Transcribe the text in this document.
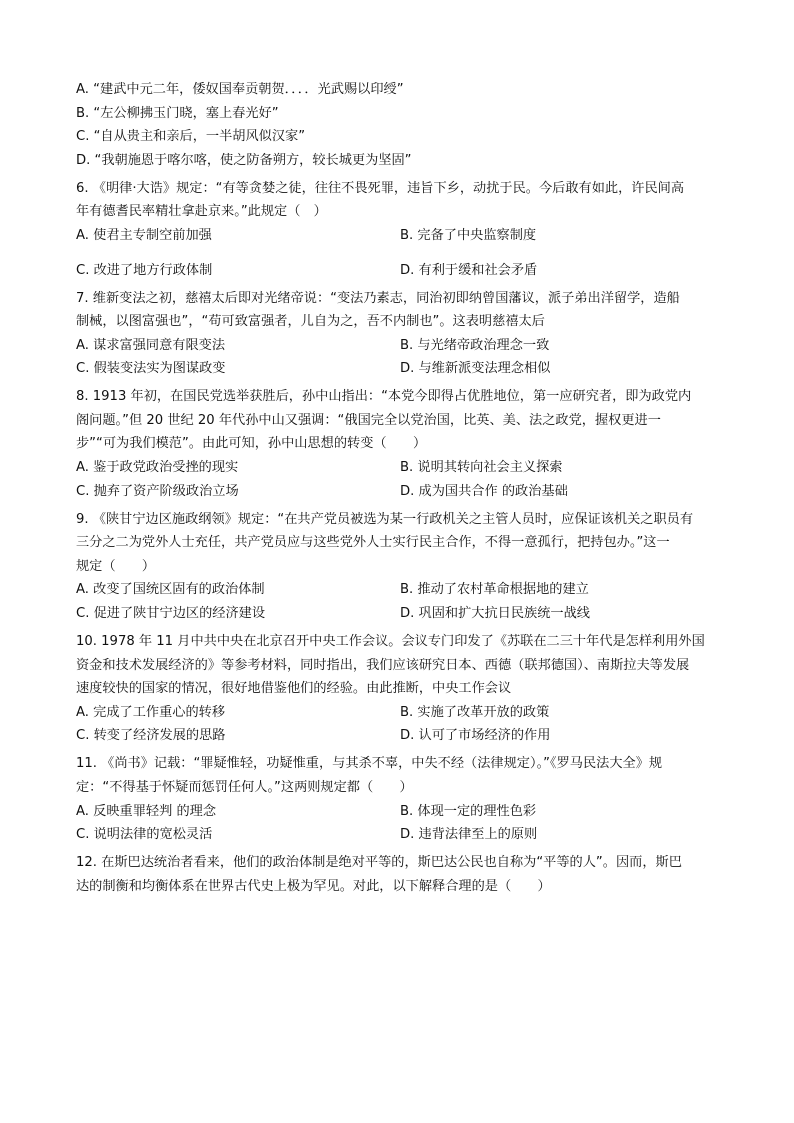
A. “建武中元二年，倭奴国奉贡朝贺．．．．光武赐以印绶”
B. “左公柳拂玉门晓，塞上春光好”
C. “自从贵主和亲后，一半胡风似汉家”
D. “我朝施恩于喀尔喀，使之防备朔方，较长城更为坚固”
6. 《明律·大诰》规定：“有等贪婪之徒，往往不畏死罪，违旨下乡，动扰于民。今后敢有如此，许民间高
年有德耆民率精壮拿赴京来。”此规定（　）
A. 使君主专制空前加强	B. 完备了中央监察制度
C. 改进了地方行政体制	D. 有利于缓和社会矛盾
7. 维新变法之初，慈禧太后即对光绪帝说：“变法乃素志，同治初即纳曾国藩议，派子弟出洋留学，造船
制械，以图富强也”，“苟可致富强者，儿自为之，吾不内制也”。这表明慈禧太后
A. 谋求富强同意有限变法	B. 与光绪帝政治理念一致
C. 假装变法实为图谋政变	D. 与维新派变法理念相似
8. 1913 年初，在国民党选举获胜后，孙中山指出：“本党今即得占优胜地位，第一应研究者，即为政党内
阁问题。”但 20 世纪 20 年代孙中山又强调：“俄国完全以党治国，比英、美、法之政党，握权更进一
步”“可为我们模范”。由此可知，孙中山思想的转变（　　）
A. 鉴于政党政治受挫的现实	B. 说明其转向社会主义探索
C. 抛弃了资产阶级政治立场	D. 成为国共合作 的政治基础
9. 《陕甘宁边区施政纲领》规定：“在共产党员被选为某一行政机关之主管人员时，应保证该机关之职员有
三分之二为党外人士充任，共产党员应与这些党外人士实行民主合作，不得一意孤行，把持包办。”这一
规定（　　）
A. 改变了国统区固有的政治体制	B. 推动了农村革命根据地的建立
C. 促进了陕甘宁边区的经济建设	D. 巩固和扩大抗日民族统一战线
10. 1978 年 11 月中共中央在北京召开中央工作会议。会议专门印发了《苏联在二三十年代是怎样利用外国
资金和技术发展经济的》等参考材料，同时指出，我们应该研究日本、西德（联邦德国）、南斯拉夫等发展
速度较快的国家的情况，很好地借鉴他们的经验。由此推断，中央工作会议
A. 完成了工作重心的转移	B. 实施了改革开放的政策
C. 转变了经济发展的思路	D. 认可了市场经济的作用
11. 《尚书》记载：“罪疑惟轻，功疑惟重，与其杀不辜，中失不经（法律规定）。”《罗马民法大全》规
定：“不得基于怀疑而惩罚任何人。”这两则规定都（　　）
A. 反映重罪轻判 的理念	B. 体现一定的理性色彩
C. 说明法律的宽松灵活	D. 违背法律至上的原则
12. 在斯巴达统治者看来，他们的政治体制是绝对平等的，斯巴达公民也自称为“平等的人”。因而，斯巴
达的制衡和均衡体系在世界古代史上极为罕见。对此，以下解释合理的是（　　）
